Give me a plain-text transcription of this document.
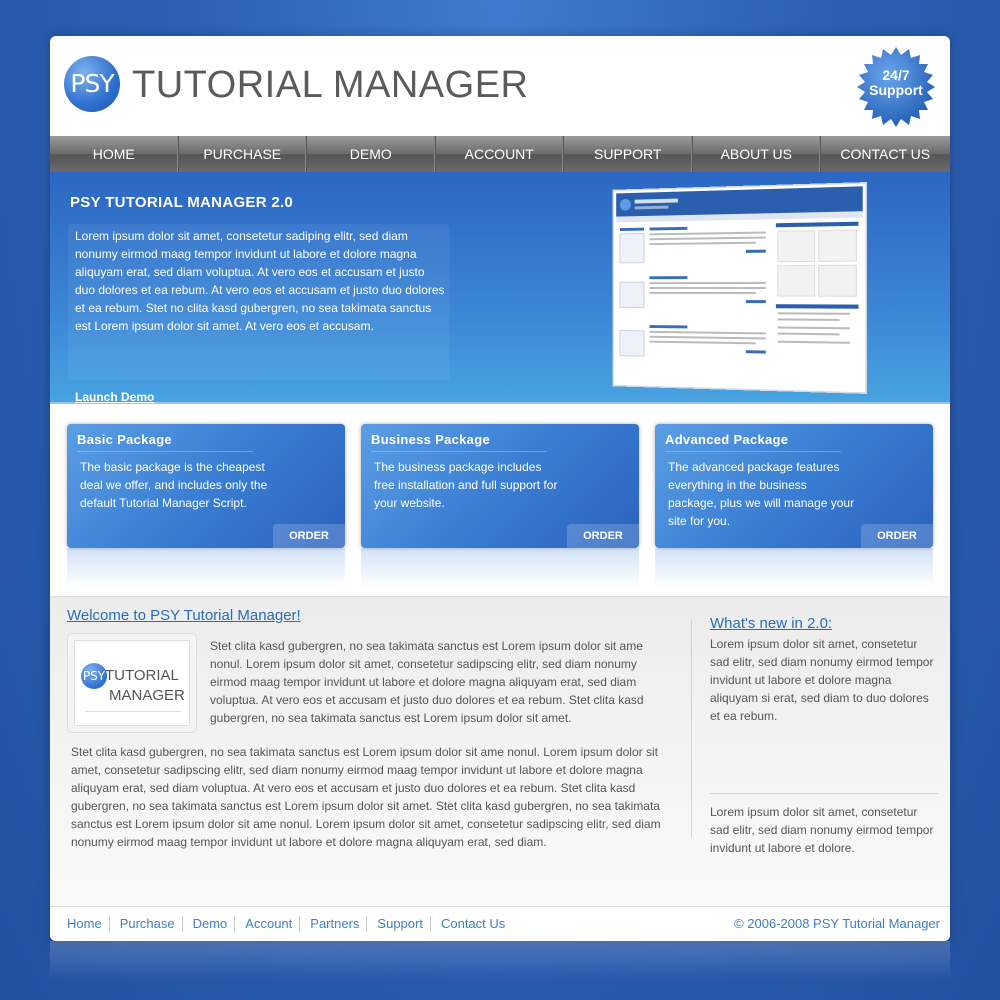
PSY TUTORIAL MANAGER	24/7
Support
HOME	PURCHASE	DEMO	ACCOUNT	SUPPORT	ABOUT US	CONTACT US
PSY TUTORIAL MANAGER 2.0
Lorem ipsum dolor sit amet, consetetur sadiping elitr, sed diam nonumy eirmod maag tempor invidunt ut labore et dolore magna aliquyam erat, sed diam voluptua. At vero eos et accusam et justo duo dolores et ea rebum. At vero eos et accusam et justo duo dolores et ea rebum. Stet no clita kasd gubergren, no sea takimata sanctus est Lorem ipsum dolor sit amet. At vero eos et accusam.
Launch Demo
Basic Package
The basic package is the cheapest deal we offer, and includes only the default Tutorial Manager Script.
ORDER
Business Package
The business package includes free installation and full support for your website.
ORDER
Advanced Package
The advanced package features everything in the business package, plus we will manage your site for you.
ORDER
Welcome to PSY Tutorial Manager!
PSY TUTORIAL
MANAGER
Stet clita kasd gubergren, no sea takimata sanctus est Lorem ipsum dolor sit ame nonul. Lorem ipsum dolor sit amet, consetetur sadipscing elitr, sed diam nonumy eirmod maag tempor invidunt ut labore et dolore magna aliquyam erat, sed diam voluptua. At vero eos et accusam et justo duo dolores et ea rebum. Stet clita kasd gubergren, no sea takimata sanctus est Lorem ipsum dolor sit amet.
Stet clita kasd gubergren, no sea takimata sanctus est Lorem ipsum dolor sit ame nonul. Lorem ipsum dolor sit amet, consetetur sadipscing elitr, sed diam nonumy eirmod maag tempor invidunt ut labore et dolore magna aliquyam erat, sed diam voluptua. At vero eos et accusam et justo duo dolores et ea rebum. Stet clita kasd gubergren, no sea takimata sanctus est Lorem ipsum dolor sit amet. Stet clita kasd gubergren, no sea takimata sanctus est Lorem ipsum dolor sit ame nonul. Lorem ipsum dolor sit amet, consetetur sadipscing elitr, sed diam nonumy eirmod maag tempor invidunt ut labore et dolore magna aliquyam erat, sed diam.
What's new in 2.0:
Lorem ipsum dolor sit amet, consetetur sad elitr, sed diam nonumy eirmod tempor invidunt ut labore et dolore magna aliquyam si erat, sed diam to duo dolores et ea rebum.
Lorem ipsum dolor sit amet, consetetur sad elitr, sed diam nonumy eirmod tempor invidunt ut labore et dolore.
Home	Purchase	Demo	Account	Partners	Support	Contact Us	© 2006-2008 PSY Tutorial Manager
